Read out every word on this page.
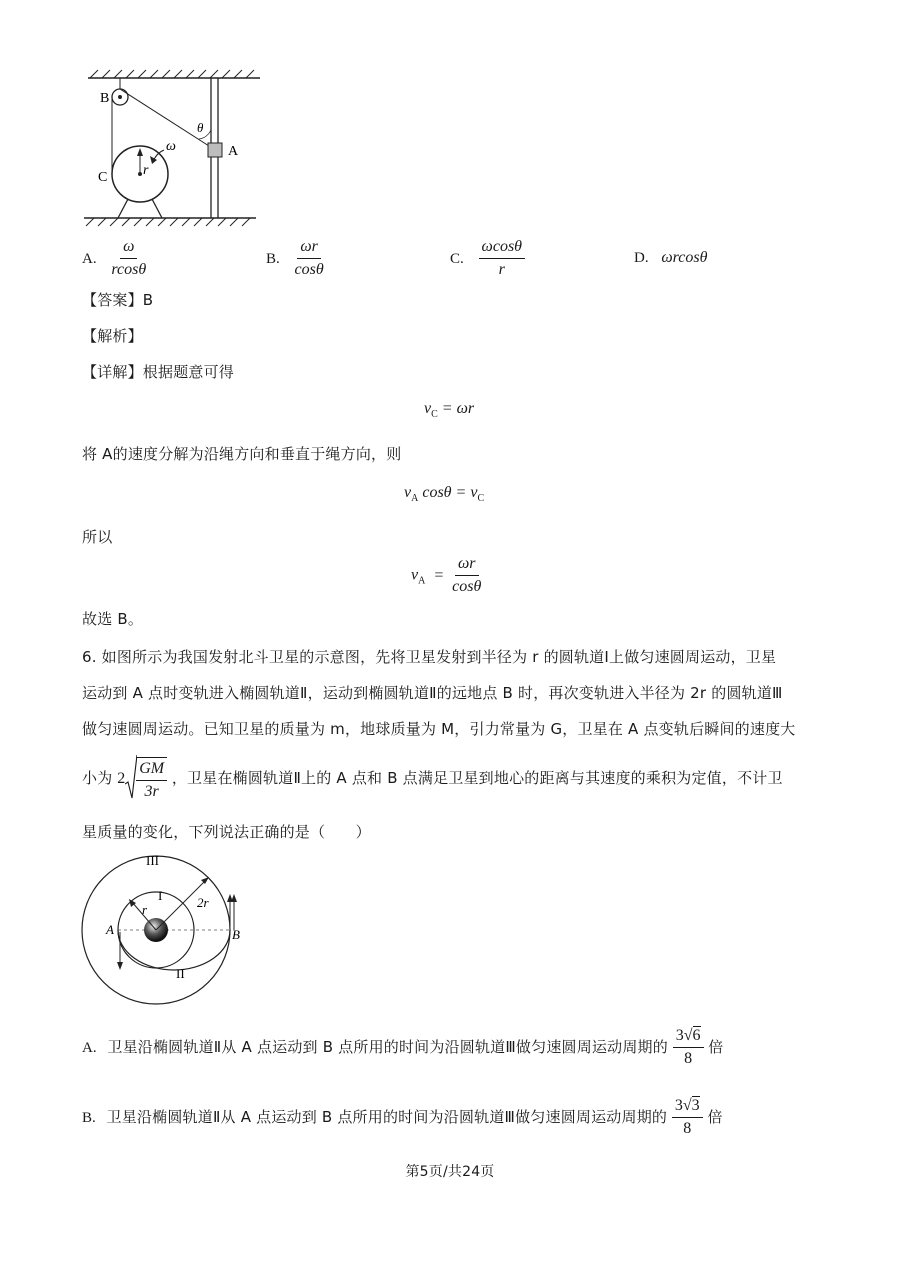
B
A
C
θ
ω
r
A. $\frac{\omega}{rcos\theta}$	B. $\frac{\omega r}{\cos\theta}$	C. $\frac{\omega\cos\theta}{r}$	D. ωrcosθ
【答案】B
【解析】
【详解】根据题意可得
$v_C = \omega r$
将 A的速度分解为沿绳方向和垂直于绳方向，则
$v_A$ $\cos\theta = v_C$
所以
$v_A = \frac{\omega r}{\cos\theta}$
故选 B。
6. 如图所示为我国发射北斗卫星的示意图，先将卫星发射到半径为 r 的圆轨道Ⅰ上做匀速圆周运动，卫星
运动到 A 点时变轨进入椭圆轨道Ⅱ，运动到椭圆轨道Ⅱ的远地点 B 时，再次变轨进入半径为 2r 的圆轨道Ⅲ
做匀速圆周运动。已知卫星的质量为 m，地球质量为 M，引力常量为 G，卫星在 A 点变轨后瞬间的速度大
小为 $2 \frac{GM}{3r}$ ，卫星在椭圆轨道Ⅱ上的 A 点和 B 点满足卫星到地心的距离与其速度的乘积为定值，不计卫
星质量的变化，下列说法正确的是（　　）
III
I
II
r	2r
A	B
A. 卫星沿椭圆轨道Ⅱ从 A 点运动到 B 点所用的时间为沿圆轨道Ⅲ做匀速圆周运动周期的 $\frac{3√6}{8}$ 倍
B. 卫星沿椭圆轨道Ⅱ从 A 点运动到 B 点所用的时间为沿圆轨道Ⅲ做匀速圆周运动周期的 $\frac{3√3}{8}$ 倍
第5页/共24页
